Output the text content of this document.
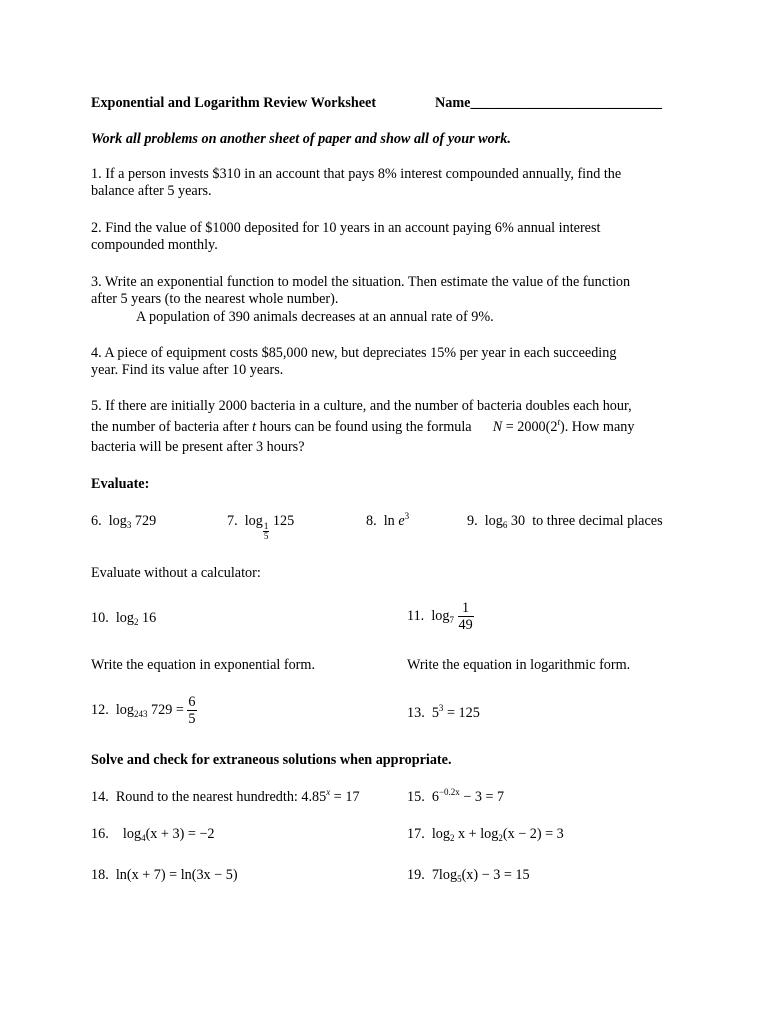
Exponential and Logarithm Review Worksheet	Name___________________________
Work all problems on another sheet of paper and show all of your work.
1. If a person invests $310 in an account that pays 8% interest compounded annually, find the
balance after 5 years.
2. Find the value of $1000 deposited for 10 years in an account paying 6% annual interest
compounded monthly.
3. Write an exponential function to model the situation. Then estimate the value of the function
after 5 years (to the nearest whole number).
A population of 390 animals decreases at an annual rate of 9%.
4. A piece of equipment costs $85,000 new, but depreciates 15% per year in each succeeding
year. Find its value after 10 years.
5. If there are initially 2000 bacteria in a culture, and the number of bacteria doubles each hour,
the number of bacteria after t hours can be found using the formula $N = 2000(2^t)$. How many
bacteria will be present after 3 hours?
Evaluate:
6. $\log_3 729$	7. log
$\frac{1}{5}$
125	8. $\ln e^3$	9. $\log_6 30$ to three decimal places
Evaluate without a calculator:
10. $\log_2 16$	11. $\log_7 \frac{1}{49}$
Write the equation in exponential form.	Write the equation in logarithmic form.
12. $\log_{243} 729 = \frac{6}{5}$	13. $5^3 = 125$
Solve and check for extraneous solutions when appropriate.
14. Round to the nearest hundredth: $4.85^x = 17$	15. $6^{-0.2x} - 3 = 7$
16. $\log_4(x + 3) = -2$	17. $\log_2 x + \log_2(x - 2) = 3$
18. ln(x + 7) = ln(3x − 5)	19. $7\log_5(x) - 3 = 15$
